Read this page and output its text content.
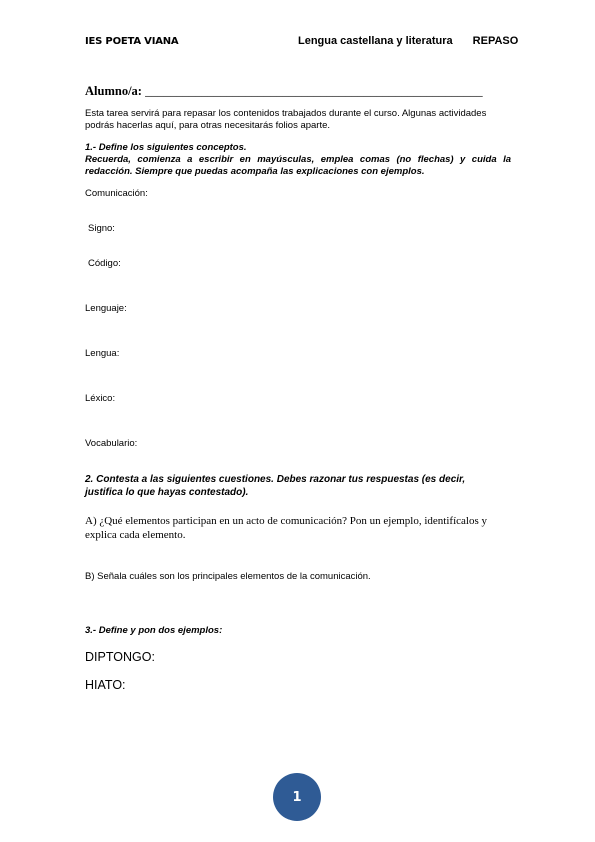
IES POETA VIANA	Lengua castellana y literatura REPASO
Alumno/a: ______________________________________________________
Esta tarea servirá para repasar los contenidos trabajados durante el curso. Algunas actividades podrás hacerlas aquí, para otras necesitarás folios aparte.
1.- Define los siguientes conceptos.
Recuerda, comienza a escribir en mayúsculas, emplea comas (no flechas) y cuida la redacción. Siempre que puedas acompaña las explicaciones con ejemplos.
Comunicación:
Signo:
Código:
Lenguaje:
Lengua:
Léxico:
Vocabulario:
2. Contesta a las siguientes cuestiones. Debes razonar tus respuestas (es decir, justifica lo que hayas contestado).
A) ¿Qué elementos participan en un acto de comunicación? Pon un ejemplo, identifícalos y explica cada elemento.
B) Señala cuáles son los principales elementos de la comunicación.
3.- Define y pon dos ejemplos:
DIPTONGO:
HIATO:
1
